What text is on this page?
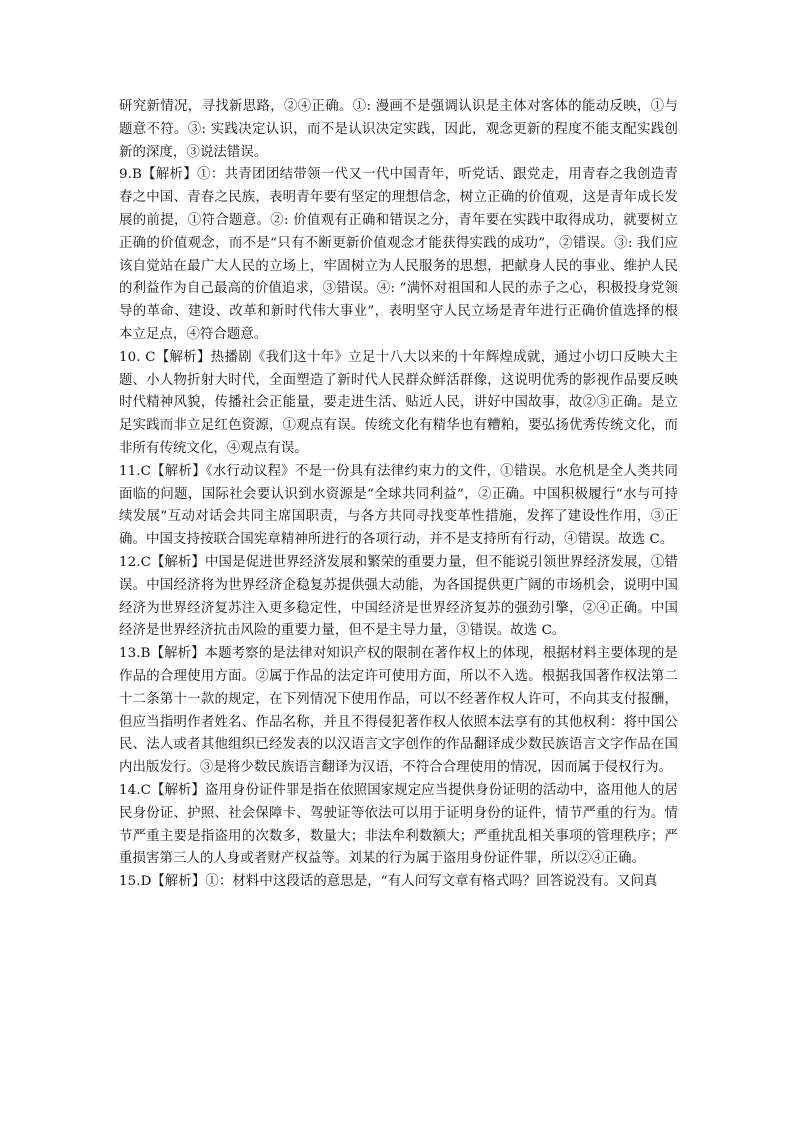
研究新情况，寻找新思路，②④正确。①: 漫画不是强调认识是主体对客体的能动反映，①与题意不符。③: 实践决定认识，而不是认识决定实践，因此，观念更新的程度不能支配实践创新的深度，③说法错误。

9.B【解析】①：共青团团结带领一代又一代中国青年，听党话、跟党走，用青春之我创造青春之中国、青春之民族，表明青年要有坚定的理想信念，树立正确的价值观，这是青年成长发展的前提，①符合题意。②: 价值观有正确和错误之分，青年要在实践中取得成功，就要树立正确的价值观念，而不是“只有不断更新价值观念才能获得实践的成功”，②错误。③: 我们应该自觉站在最广大人民的立场上，牢固树立为人民服务的思想，把献身人民的事业、维护人民的利益作为自己最高的价值追求，③错误。④: “满怀对祖国和人民的赤子之心，积极投身党领导的革命、建设、改革和新时代伟大事业”，表明坚守人民立场是青年进行正确价值选择的根本立足点，④符合题意。

10. C【解析】热播剧《我们这十年》立足十八大以来的十年辉煌成就，通过小切口反映大主题、小人物折射大时代，全面塑造了新时代人民群众鲜活群像，这说明优秀的影视作品要反映时代精神风貌，传播社会正能量，要走进生活、贴近人民，讲好中国故事，故②③正确。是立足实践而非立足红色资源，①观点有误。传统文化有精华也有糟粕，要弘扬优秀传统文化，而非所有传统文化，④观点有误。

11.C【解析】《水行动议程》不是一份具有法律约束力的文件，①错误。水危机是全人类共同面临的问题，国际社会要认识到水资源是“全球共同利益”，②正确。中国积极履行“水与可持续发展”互动对话会共同主席国职责，与各方共同寻找变革性措施，发挥了建设性作用，③正确。中国支持按联合国宪章精神所进行的各项行动，并不是支持所有行动，④错误。故选 C。

12.C【解析】中国是促进世界经济发展和繁荣的重要力量，但不能说引领世界经济发展，①错误。中国经济将为世界经济企稳复苏提供强大动能，为各国提供更广阔的市场机会，说明中国经济为世界经济复苏注入更多稳定性，中国经济是世界经济复苏的强劲引擎，②④正确。中国经济是世界经济抗击风险的重要力量，但不是主导力量，③错误。故选 C。

13.B【解析】本题考察的是法律对知识产权的限制在著作权上的体现，根据材料主要体现的是作品的合理使用方面。②属于作品的法定许可使用方面，所以不入选。根据我国著作权法第二十二条第十一款的规定，在下列情况下使用作品，可以不经著作权人许可，不向其支付报酬，但应当指明作者姓名、作品名称，并且不得侵犯著作权人依照本法享有的其他权利：将中国公民、法人或者其他组织已经发表的以汉语言文字创作的作品翻译成少数民族语言文字作品在国内出版发行。③是将少数民族语言翻译为汉语，不符合合理使用的情况，因而属于侵权行为。

14.C【解析】盗用身份证件罪是指在依照国家规定应当提供身份证明的活动中，盗用他人的居民身份证、护照、社会保障卡、驾驶证等依法可以用于证明身份的证件，情节严重的行为。情节严重主要是指盗用的次数多，数量大；非法牟利数额大；严重扰乱相关事项的管理秩序；严重损害第三人的人身或者财产权益等。刘某的行为属于盗用身份证件罪，所以②④正确。

15.D【解析】①：材料中这段话的意思是，“有人问写文章有格式吗？回答说没有。又问真
